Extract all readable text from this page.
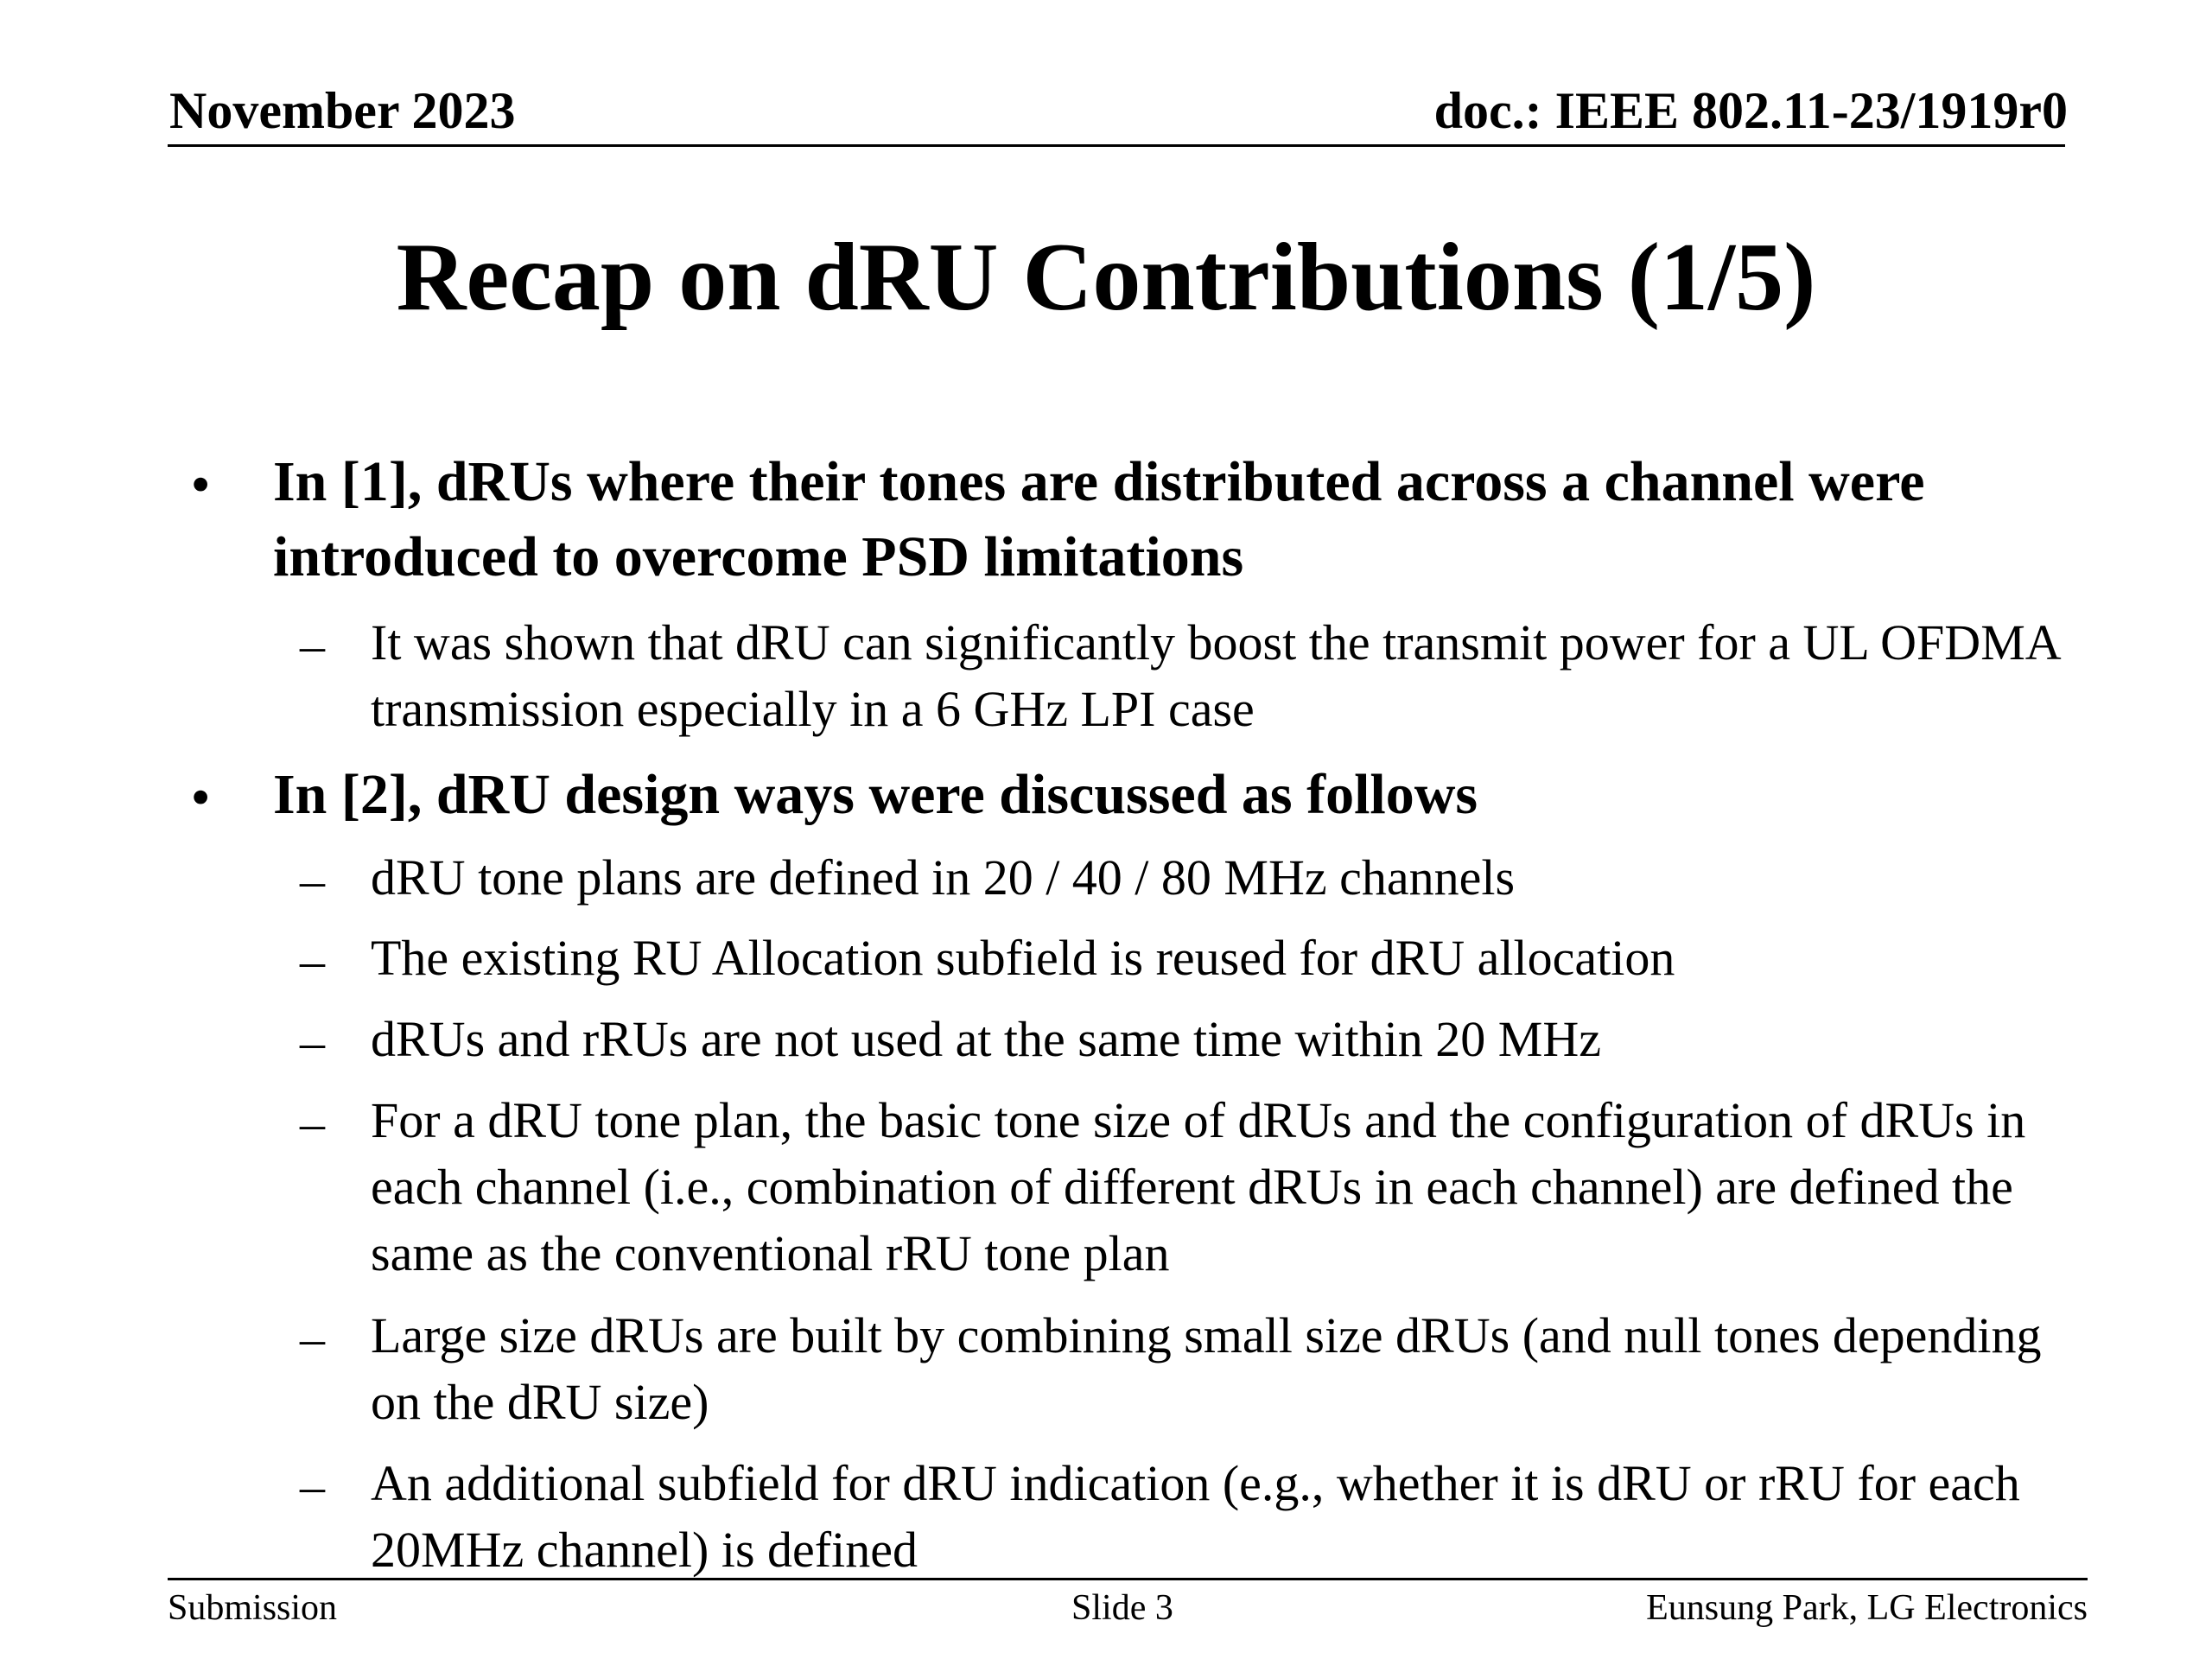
November 2023	doc.: IEEE 802.11-23/1919r0
Recap on dRU Contributions (1/5)
• In [1], dRUs where their tones are distributed across a channel were introduced to overcome PSD limitations
– It was shown that dRU can significantly boost the transmit power for a UL OFDMA transmission especially in a 6 GHz LPI case
• In [2], dRU design ways were discussed as follows
– dRU tone plans are defined in 20 / 40 / 80 MHz channels
– The existing RU Allocation subfield is reused for dRU allocation
– dRUs and rRUs are not used at the same time within 20 MHz
– For a dRU tone plan, the basic tone size of dRUs and the configuration of dRUs in each channel (i.e., combination of different dRUs in each channel) are defined the same as the conventional rRU tone plan
– Large size dRUs are built by combining small size dRUs (and null tones depending on the dRU size)
– An additional subfield for dRU indication (e.g., whether it is dRU or rRU for each 20MHz channel) is defined
Submission	Slide 3	Eunsung Park, LG Electronics
